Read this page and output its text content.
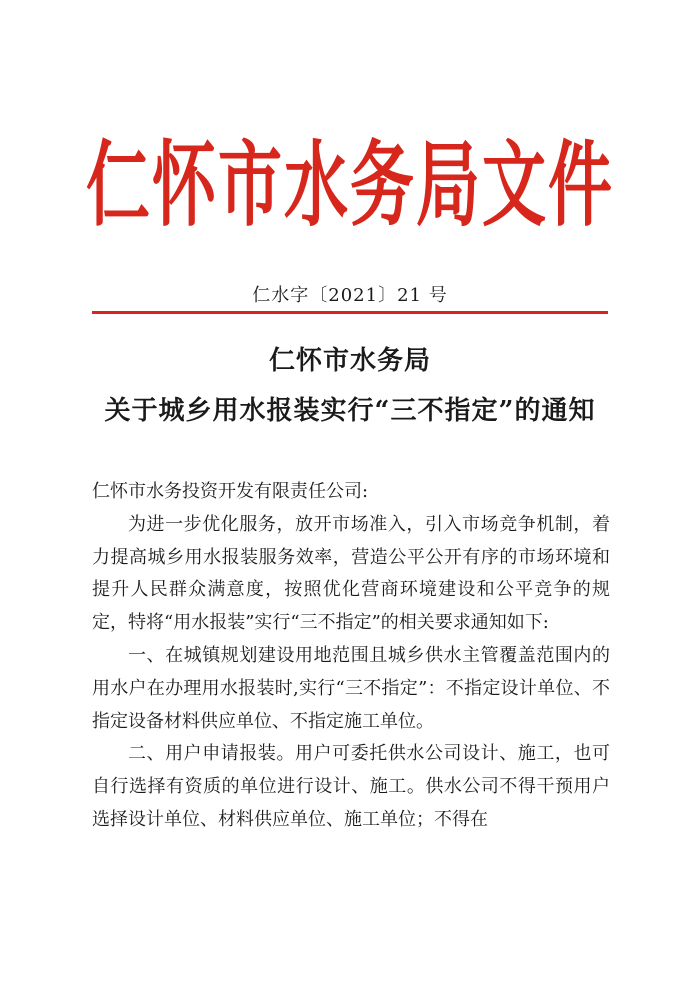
仁怀市水务局文件
仁水字〔2021〕21 号
仁怀市水务局
关于城乡用水报装实行“三不指定”的通知

仁怀市水务投资开发有限责任公司:

为进一步优化服务，放开市场准入，引入市场竞争机制，着力提高城乡用水报装服务效率，营造公平公开有序的市场环境和提升人民群众满意度，按照优化营商环境建设和公平竞争的规定，特将“用水报装”实行“三不指定”的相关要求通知如下:

一、在城镇规划建设用地范围且城乡供水主管覆盖范围内的用水户在办理用水报装时,实行“三不指定”：不指定设计单位、不指定设备材料供应单位、不指定施工单位。

二、用户申请报装。用户可委托供水公司设计、施工，也可自行选择有资质的单位进行设计、施工。供水公司不得干预用户选择设计单位、材料供应单位、施工单位；不得在
